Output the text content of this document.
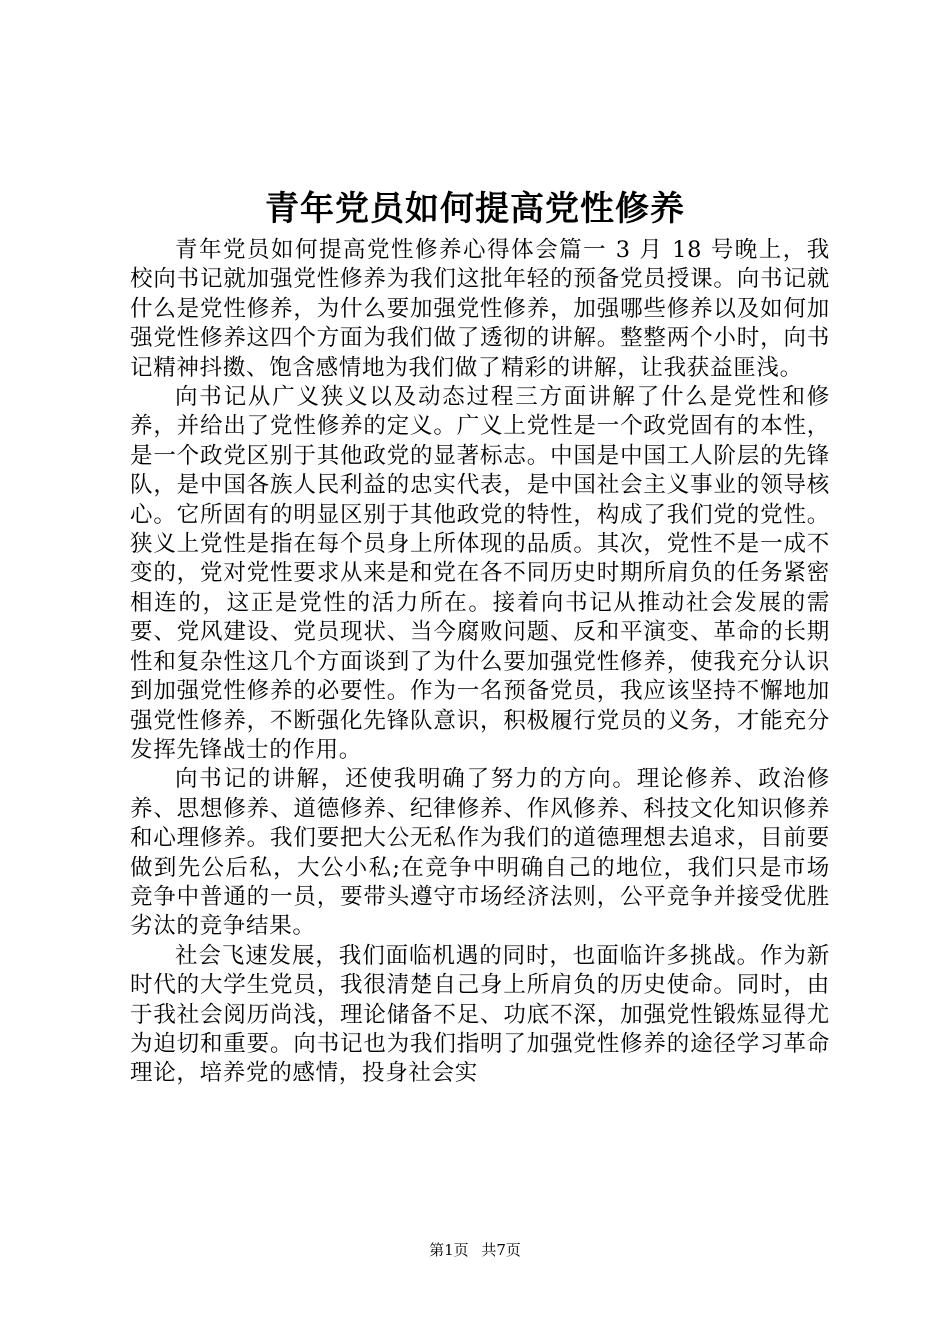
青年党员如何提高党性修养

青年党员如何提高党性修养心得体会篇一 3 月 18 号晚上，我校向书记就加强党性修养为我们这批年轻的预备党员授课。向书记就什么是党性修养，为什么要加强党性修养，加强哪些修养以及如何加强党性修养这四个方面为我们做了透彻的讲解。整整两个小时，向书记精神抖擞、饱含感情地为我们做了精彩的讲解，让我获益匪浅。

向书记从广义狭义以及动态过程三方面讲解了什么是党性和修养，并给出了党性修养的定义。广义上党性是一个政党固有的本性，是一个政党区别于其他政党的显著标志。中国是中国工人阶层的先锋队，是中国各族人民利益的忠实代表，是中国社会主义事业的领导核心。它所固有的明显区别于其他政党的特性，构成了我们党的党性。狭义上党性是指在每个员身上所体现的品质。其次，党性不是一成不变的，党对党性要求从来是和党在各不同历史时期所肩负的任务紧密相连的，这正是党性的活力所在。接着向书记从推动社会发展的需要、党风建设、党员现状、当今腐败问题、反和平演变、革命的长期性和复杂性这几个方面谈到了为什么要加强党性修养，使我充分认识到加强党性修养的必要性。作为一名预备党员，我应该坚持不懈地加强党性修养，不断强化先锋队意识，积极履行党员的义务，才能充分发挥先锋战士的作用。

向书记的讲解，还使我明确了努力的方向。理论修养、政治修养、思想修养、道德修养、纪律修养、作风修养、科技文化知识修养和心理修养。我们要把大公无私作为我们的道德理想去追求，目前要做到先公后私，大公小私;在竞争中明确自己的地位，我们只是市场竞争中普通的一员，要带头遵守市场经济法则，公平竞争并接受优胜劣汰的竞争结果。

社会飞速发展，我们面临机遇的同时，也面临许多挑战。作为新时代的大学生党员，我很清楚自己身上所肩负的历史使命。同时，由于我社会阅历尚浅，理论储备不足、功底不深，加强党性锻炼显得尤为迫切和重要。向书记也为我们指明了加强党性修养的途径学习革命理论，培养党的感情，投身社会实

第1页 共7页
